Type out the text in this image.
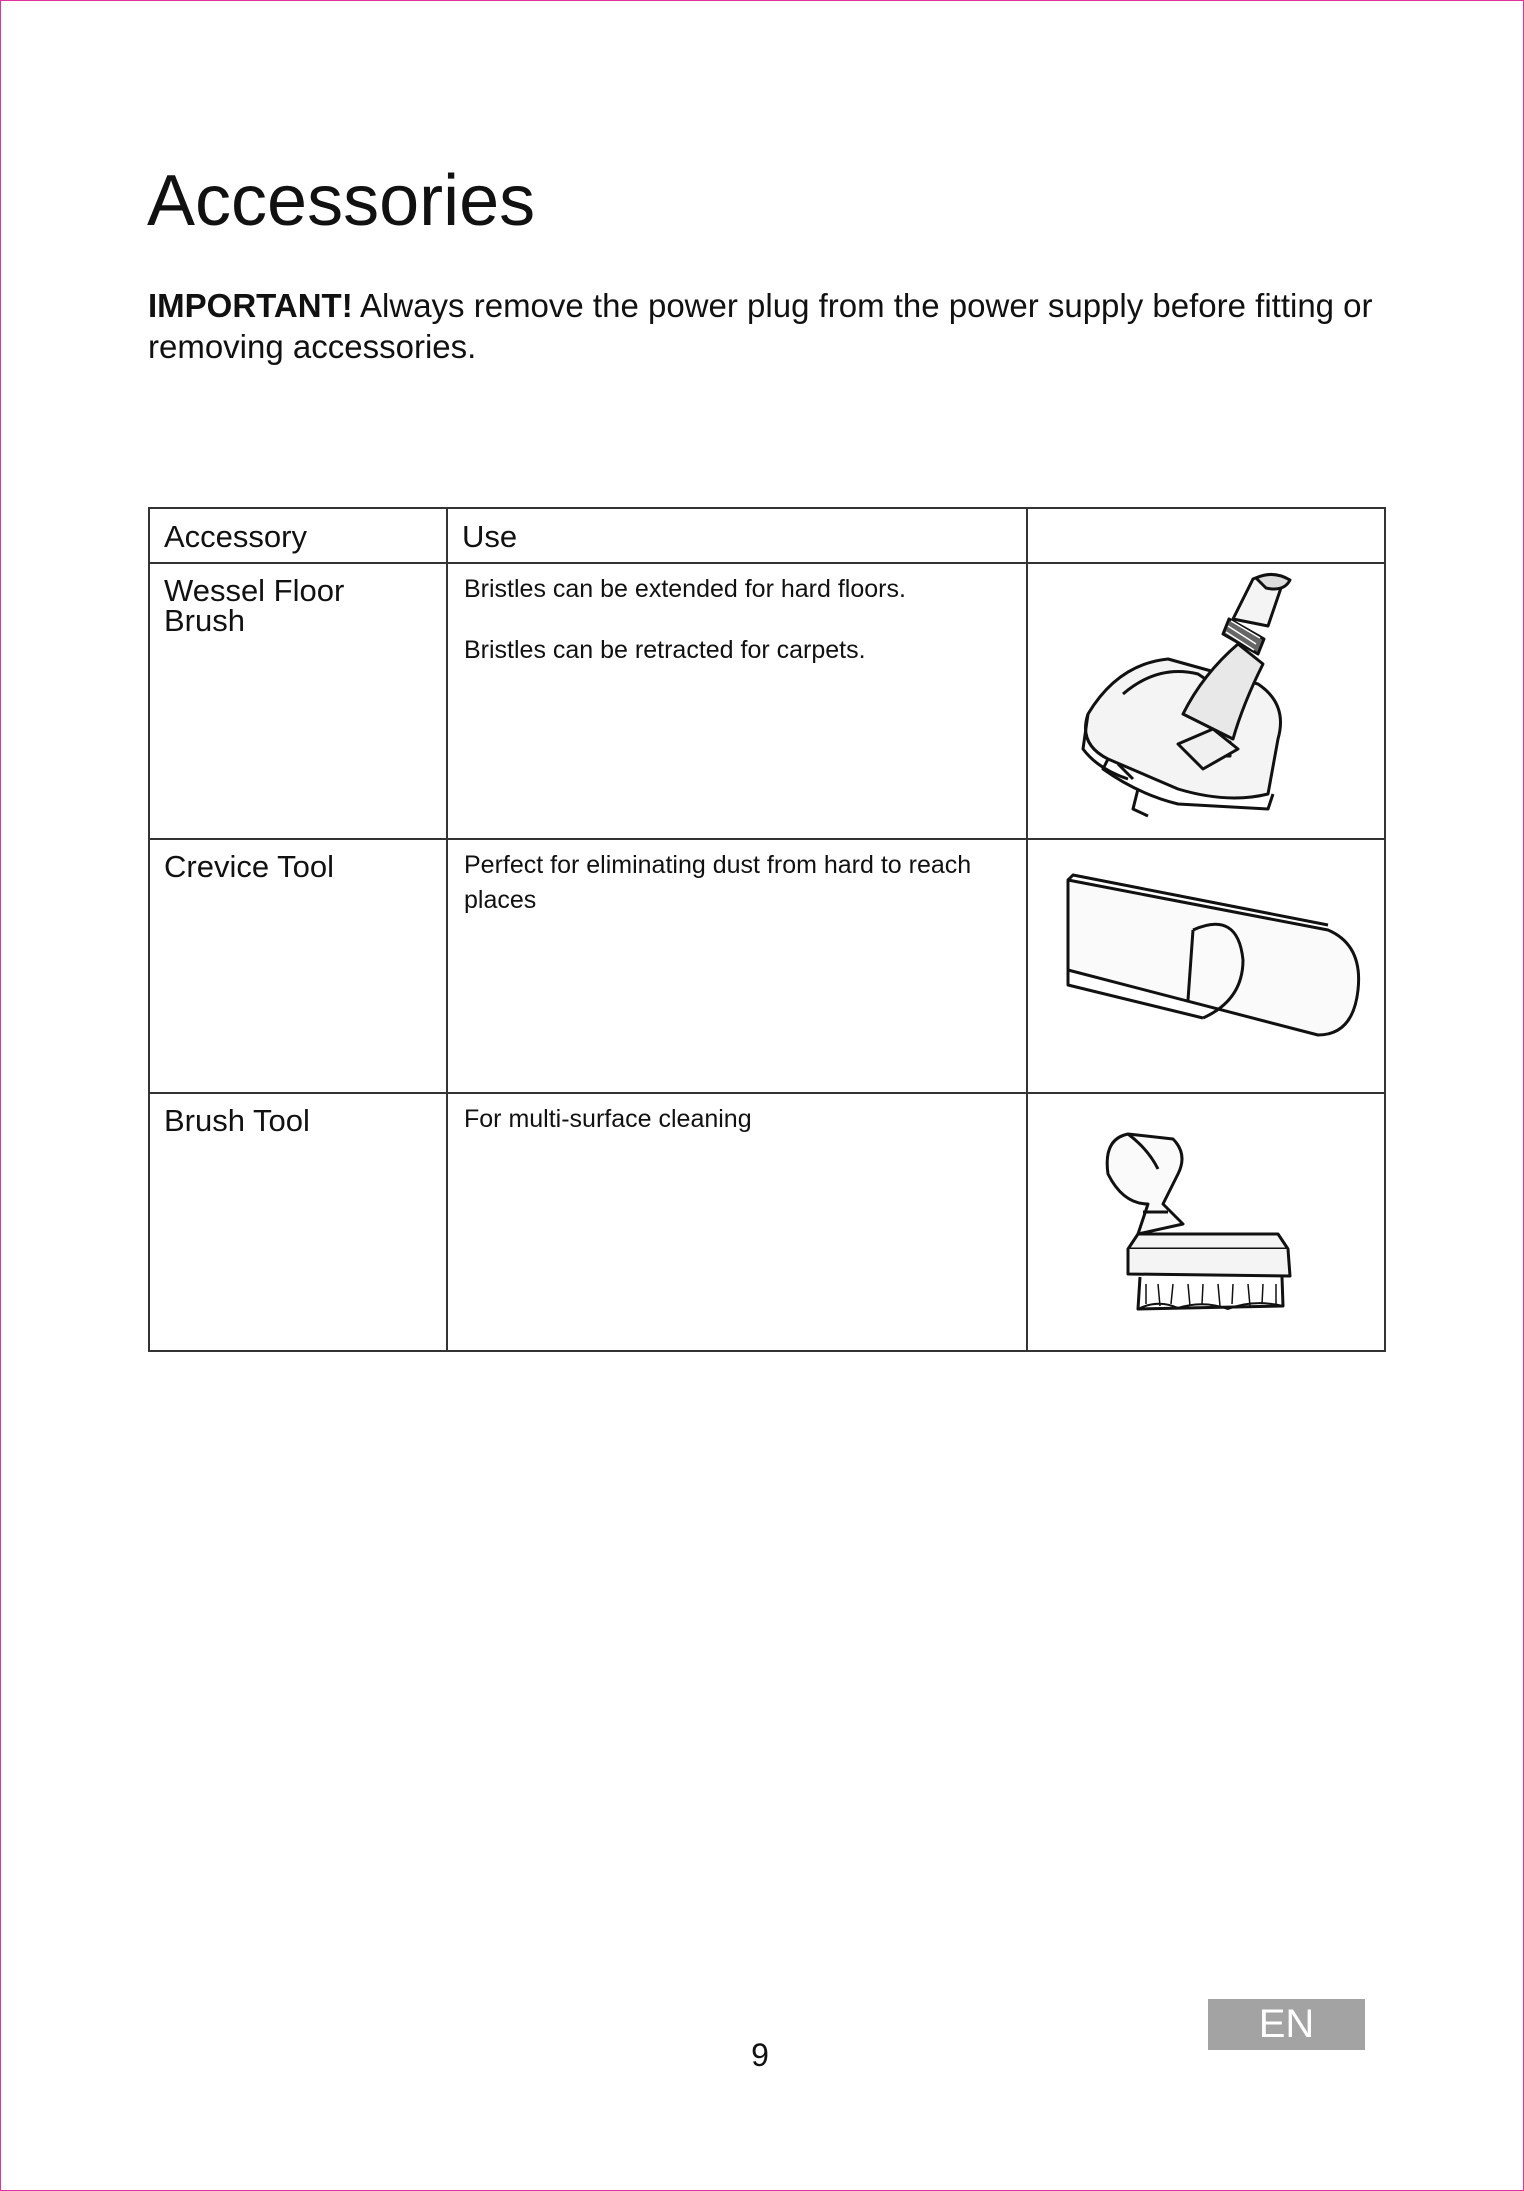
Accessories

IMPORTANT! Always remove the power plug from the power supply before fitting or removing accessories.

Accessory	Use	
Wessel Floor Brush	Bristles can be extended for hard floors.

Bristles can be retracted for carpets.

Crevice Tool	Perfect for eliminating dust from hard to reach places

Brush Tool	For multi-surface cleaning

9
EN
